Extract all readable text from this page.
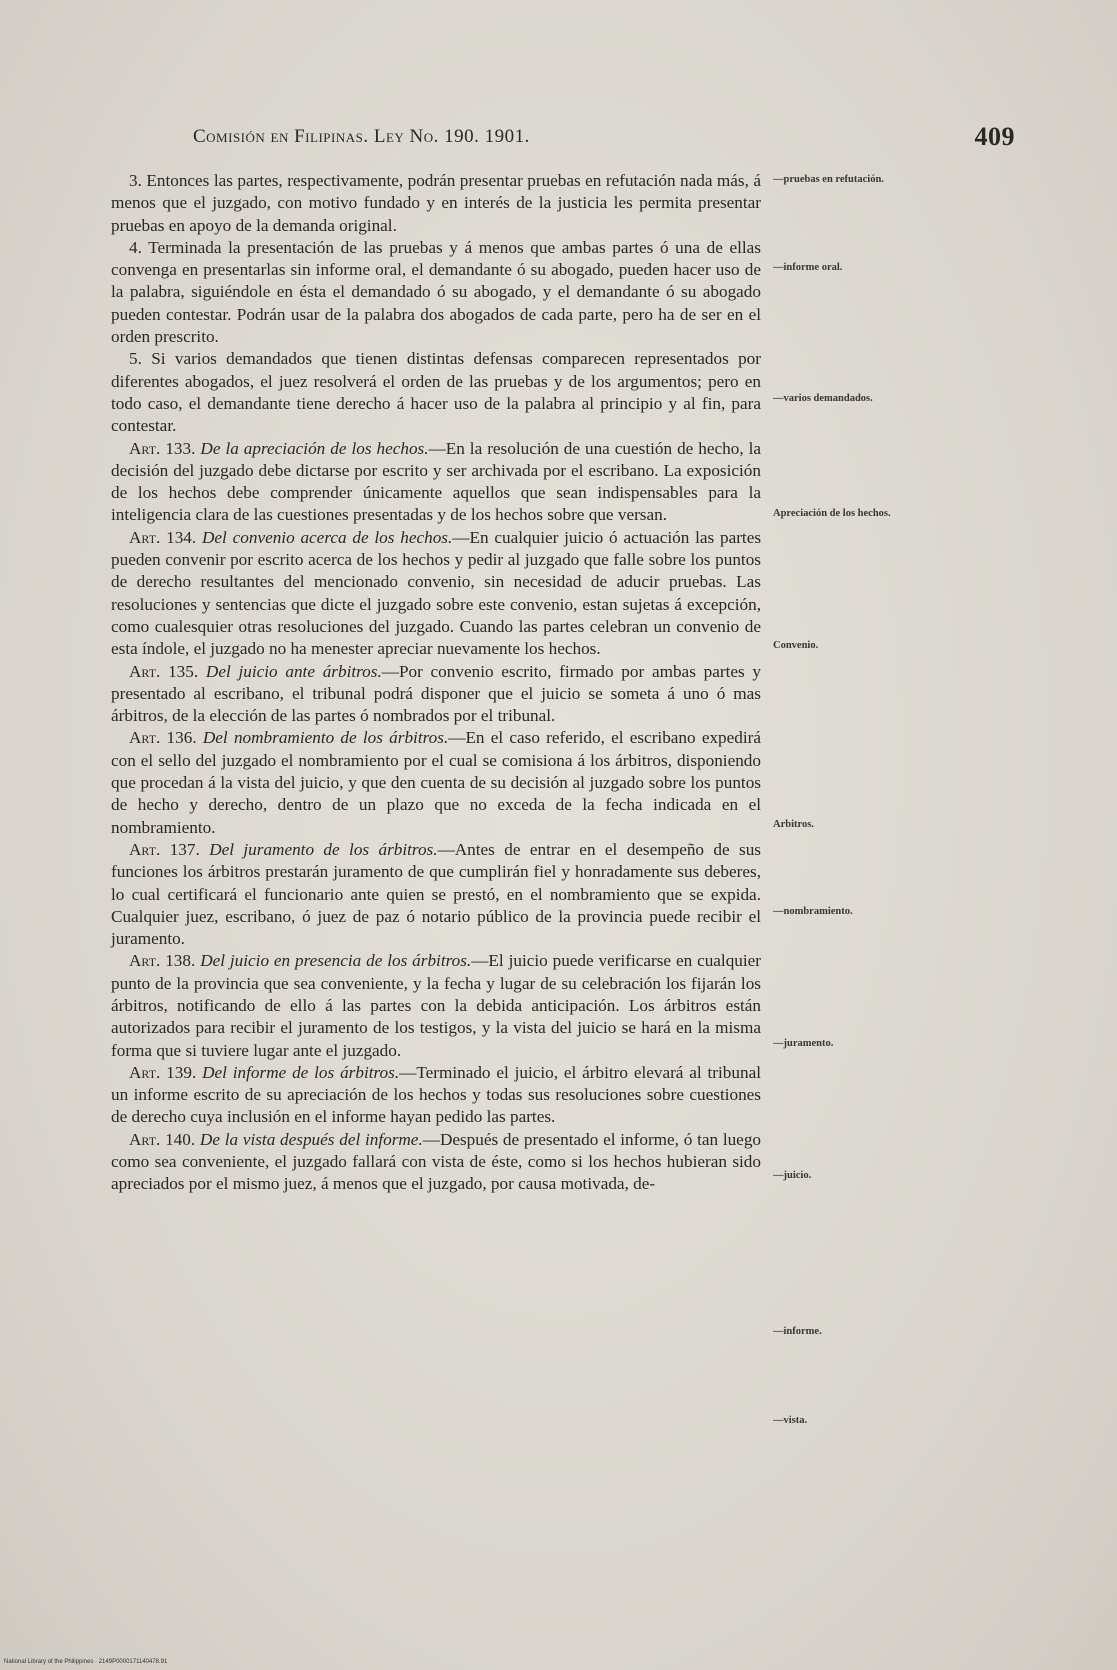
Comisión en Filipinas. Ley No. 190. 1901.	409

3. Entonces las partes, respectivamente, podrán presentar pruebas en refutación nada más, á menos que el juzgado, con motivo fundado y en interés de la justicia les permita presentar pruebas en apoyo de la demanda original.

4. Terminada la presentación de las pruebas y á menos que ambas partes ó una de ellas convenga en presentarlas sin informe oral, el demandante ó su abogado, pueden hacer uso de la palabra, siguiéndole en ésta el demandado ó su abogado, y el demandante ó su abogado pueden contestar. Podrán usar de la palabra dos abogados de cada parte, pero ha de ser en el orden prescrito.

5. Si varios demandados que tienen distintas defensas comparecen representados por diferentes abogados, el juez resolverá el orden de las pruebas y de los argumentos; pero en todo caso, el demandante tiene derecho á hacer uso de la palabra al principio y al fin, para contestar.

Art. 133. De la apreciación de los hechos.—En la resolución de una cuestión de hecho, la decisión del juzgado debe dictarse por escrito y ser archivada por el escribano. La exposición de los hechos debe comprender únicamente aquellos que sean indispensables para la inteligencia clara de las cuestiones presentadas y de los hechos sobre que versan.

Art. 134. Del convenio acerca de los hechos.—En cualquier juicio ó actuación las partes pueden convenir por escrito acerca de los hechos y pedir al juzgado que falle sobre los puntos de derecho resultantes del mencionado convenio, sin necesidad de aducir pruebas. Las resoluciones y sentencias que dicte el juzgado sobre este convenio, estan sujetas á excepción, como cualesquier otras resoluciones del juzgado. Cuando las partes celebran un convenio de esta índole, el juzgado no ha menester apreciar nuevamente los hechos.

Art. 135. Del juicio ante árbitros.—Por convenio escrito, firmado por ambas partes y presentado al escribano, el tribunal podrá disponer que el juicio se someta á uno ó mas árbitros, de la elección de las partes ó nombrados por el tribunal.

Art. 136. Del nombramiento de los árbitros.—En el caso referido, el escribano expedirá con el sello del juzgado el nombramiento por el cual se comisiona á los árbitros, disponiendo que procedan á la vista del juicio, y que den cuenta de su decisión al juzgado sobre los puntos de hecho y derecho, dentro de un plazo que no exceda de la fecha indicada en el nombramiento.

Art. 137. Del juramento de los árbitros.—Antes de entrar en el desempeño de sus funciones los árbitros prestarán juramento de que cumplirán fiel y honradamente sus deberes, lo cual certificará el funcionario ante quien se prestó, en el nombramiento que se expida. Cualquier juez, escribano, ó juez de paz ó notario público de la provincia puede recibir el juramento.

Art. 138. Del juicio en presencia de los árbitros.—El juicio puede verificarse en cualquier punto de la provincia que sea conveniente, y la fecha y lugar de su celebración los fijarán los árbitros, notificando de ello á las partes con la debida anticipación. Los árbitros están autorizados para recibir el juramento de los testigos, y la vista del juicio se hará en la misma forma que si tuviere lugar ante el juzgado.

Art. 139. Del informe de los árbitros.—Terminado el juicio, el árbitro elevará al tribunal un informe escrito de su apreciación de los hechos y todas sus resoluciones sobre cuestiones de derecho cuya inclusión en el informe hayan pedido las partes.

Art. 140. De la vista después del informe.—Después de presentado el informe, ó tan luego como sea conveniente, el juzgado fallará con vista de éste, como si los hechos hubieran sido apreciados por el mismo juez, á menos que el juzgado, por causa motivada, de-

—pruebas en refutación.
—informe oral.
—varios demandados.
Apreciación de los hechos.
Convenio.
Arbitros.
—nombramiento.
—juramento.
—juicio.
—informe.
—vista.
National Library of the Philippines · 2149P0000171140478.91
